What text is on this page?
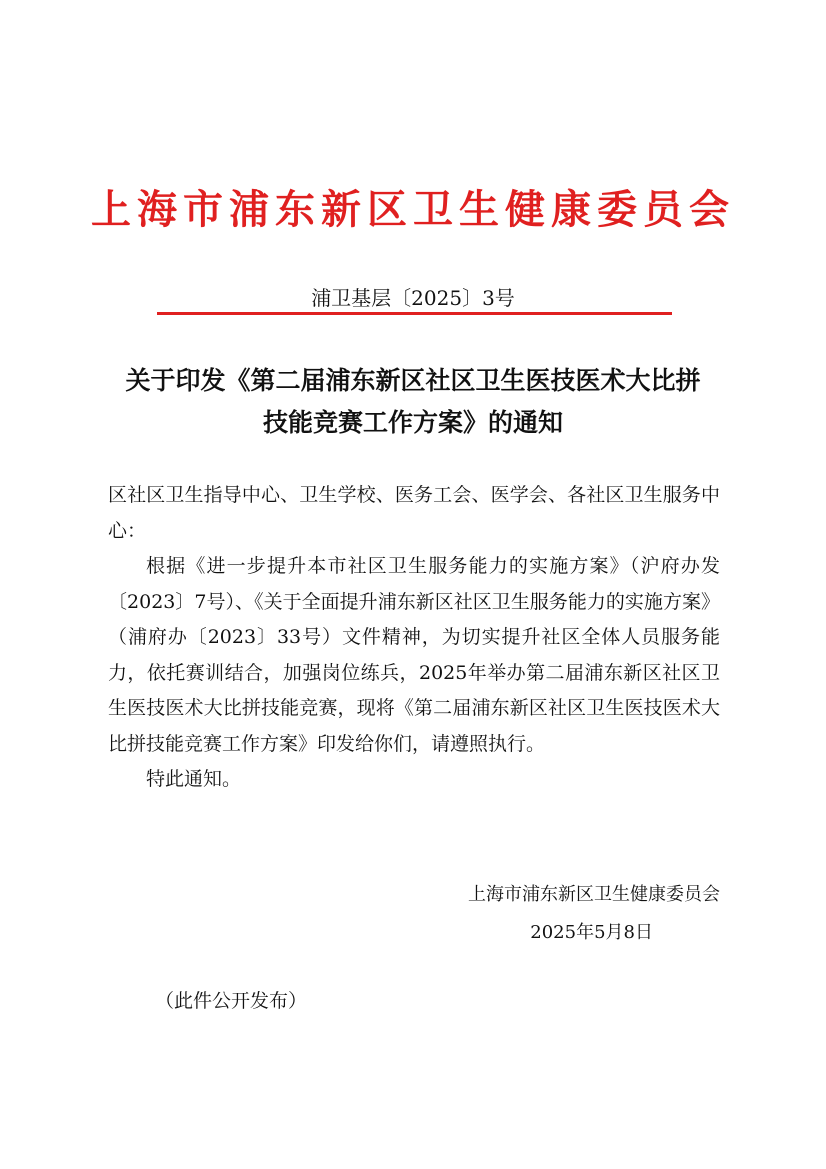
上海市浦东新区卫生健康委员会
浦卫基层〔2025〕3号
关于印发《第二届浦东新区社区卫生医技医术大比拼
技能竞赛工作方案》的通知

区社区卫生指导中心、卫生学校、医务工会、医学会、各社区卫生服务中心：

根据《进一步提升本市社区卫生服务能力的实施方案》（沪府办发〔2023〕7号）、《关于全面提升浦东新区社区卫生服务能力的实施方案》（浦府办〔2023〕33号）文件精神，为切实提升社区全体人员服务能力，依托赛训结合，加强岗位练兵，2025年举办第二届浦东新区社区卫生医技医术大比拼技能竞赛，现将《第二届浦东新区社区卫生医技医术大比拼技能竞赛工作方案》印发给你们，请遵照执行。

特此通知。

上海市浦东新区卫生健康委员会
2025年5月8日
（此件公开发布）
